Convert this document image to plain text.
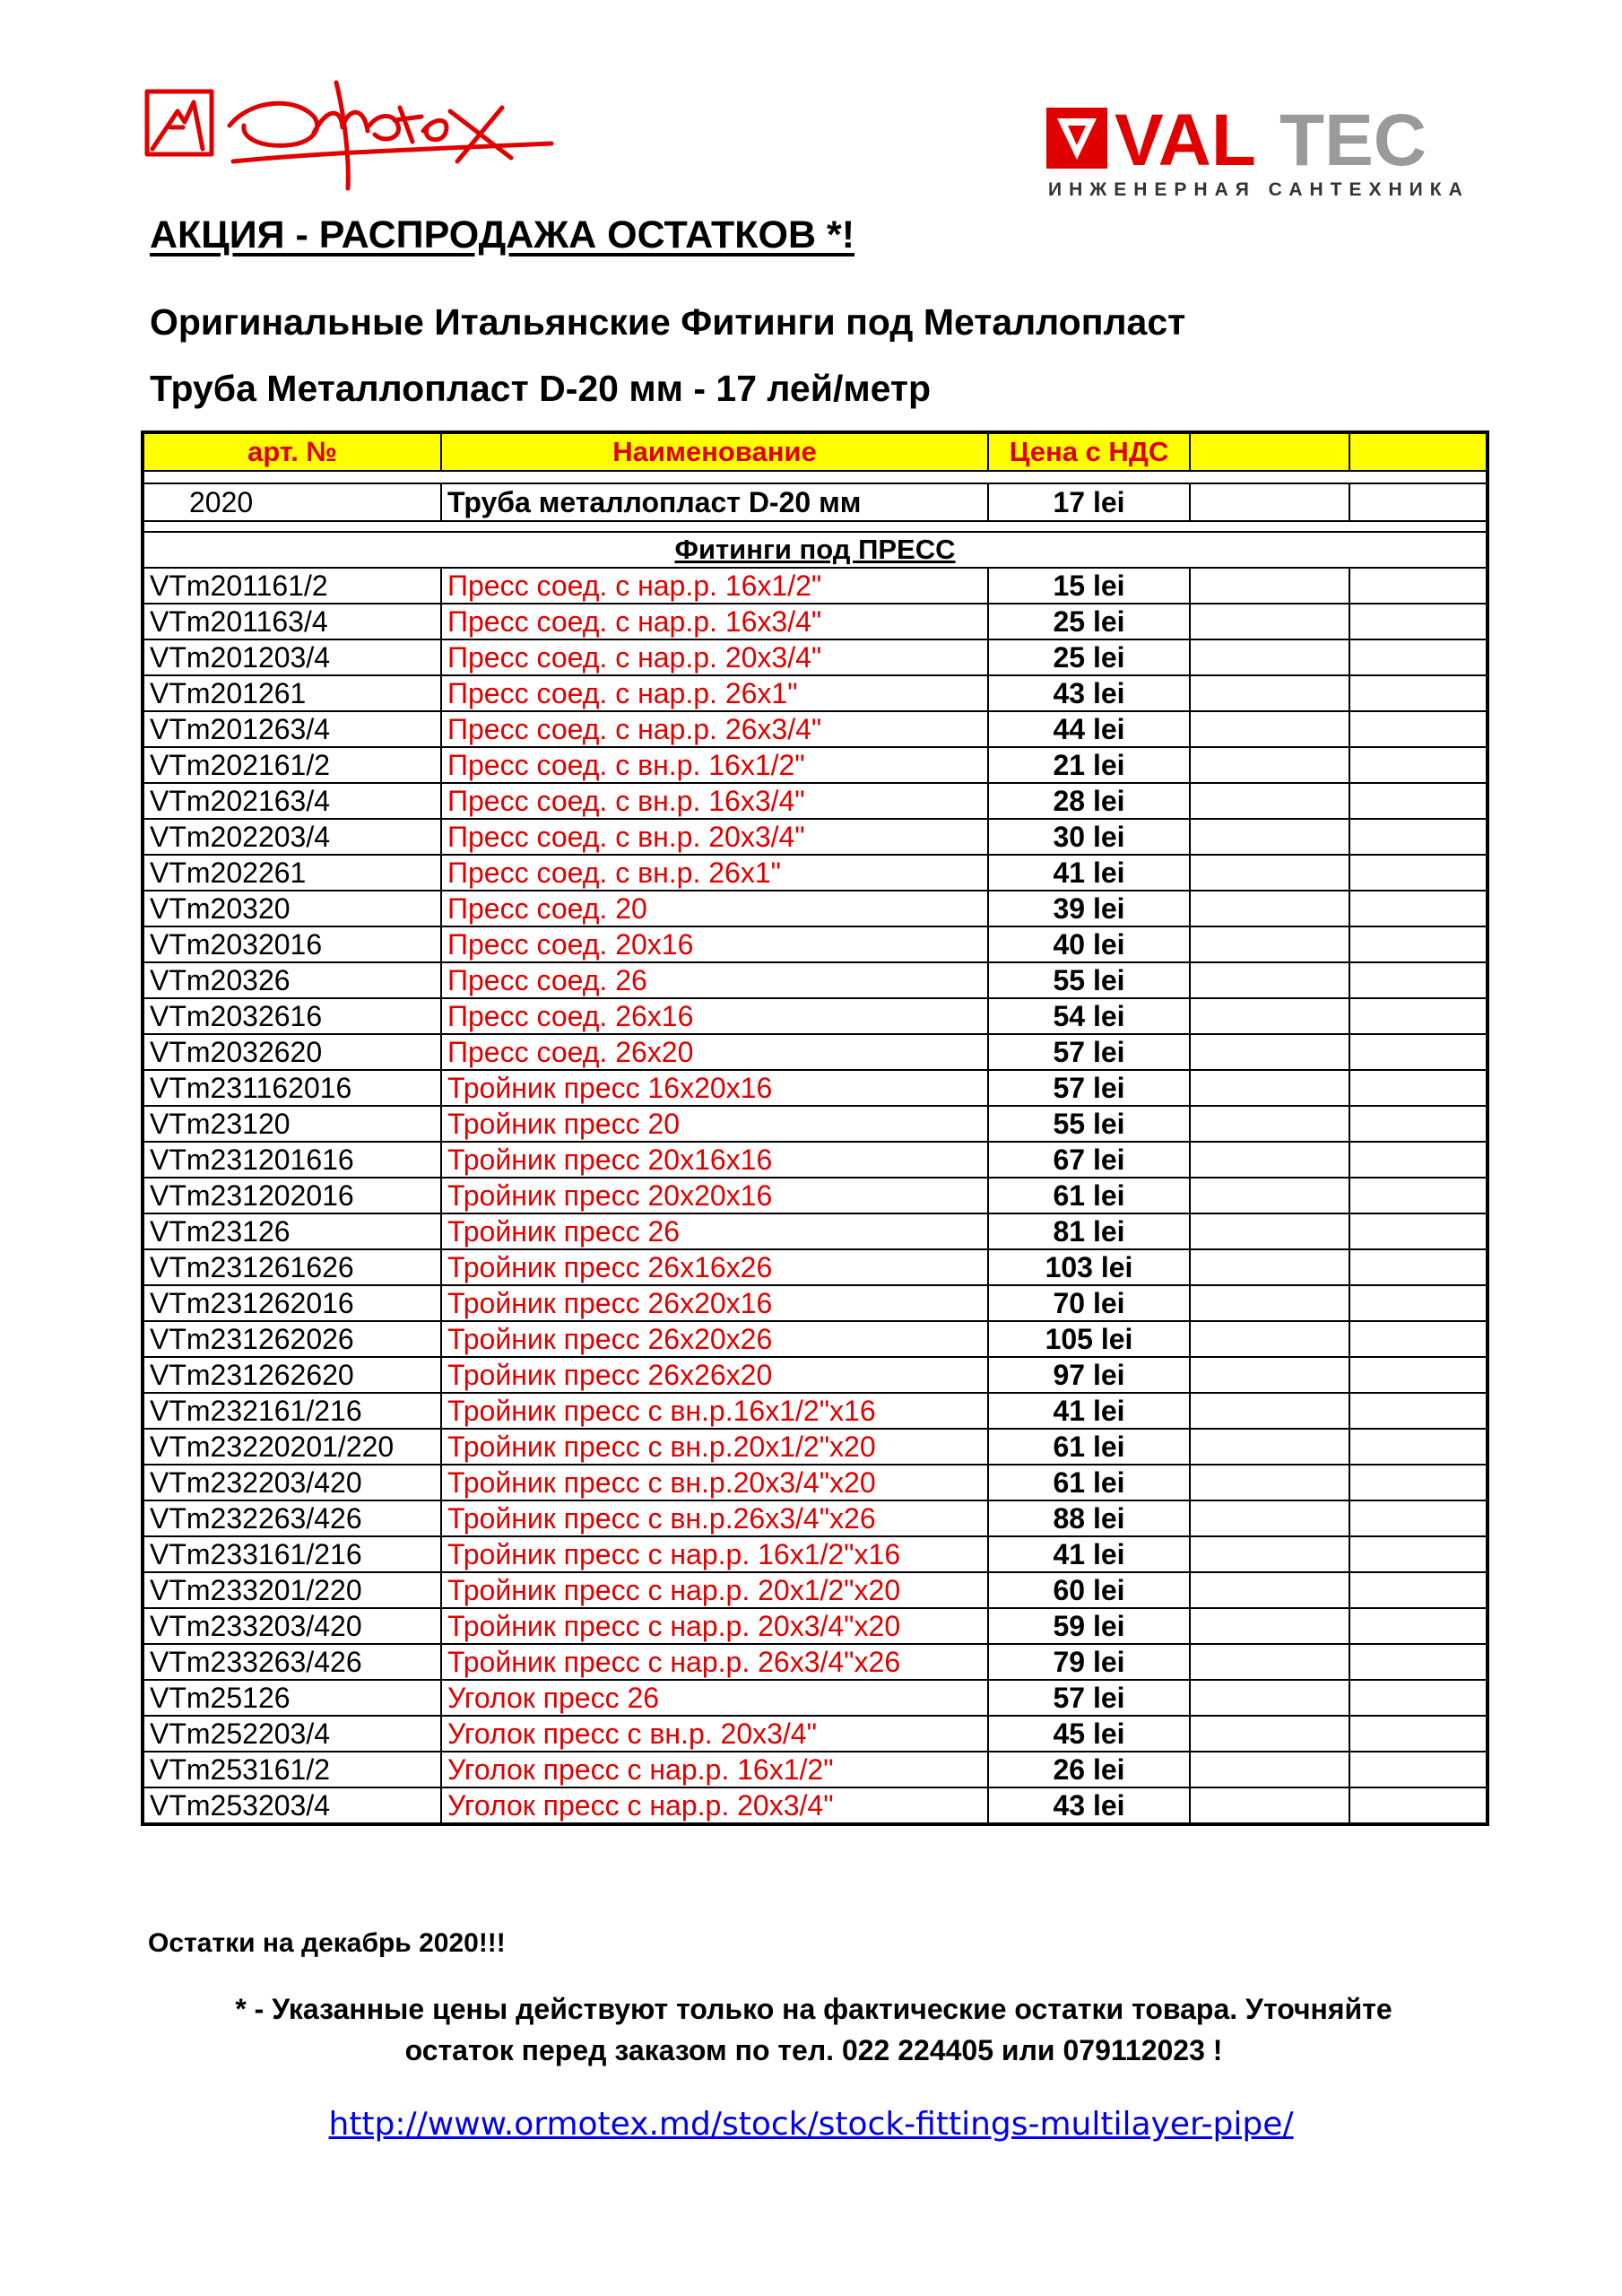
VAL TEC
ИНЖЕНЕРНАЯ САНТЕХНИКА
АКЦИЯ - РАСПРОДАЖА ОСТАТКОВ *!
Оригинальные Итальянские Фитинги под Металлопласт
Труба Металлопласт D-20 мм - 17 лей/метр
арт. №	Наименование	Цена с НДС		

2020	Труба металлопласт D-20 мм	17 lei		

Фитинги под ПРЕСС				
VTm201161/2	Пресс соед. с нар.р. 16х1/2"	15 lei		
VTm201163/4	Пресс соед. с нар.р. 16х3/4"	25 lei		
VTm201203/4	Пресс соед. с нар.р. 20х3/4"	25 lei		
VTm201261	Пресс соед. с нар.р. 26х1"	43 lei		
VTm201263/4	Пресс соед. с нар.р. 26х3/4"	44 lei		
VTm202161/2	Пресс соед. с вн.р. 16х1/2"	21 lei		
VTm202163/4	Пресс соед. с вн.р. 16х3/4"	28 lei		
VTm202203/4	Пресс соед. с вн.р. 20х3/4"	30 lei		
VTm202261	Пресс соед. с вн.р. 26х1"	41 lei		
VTm20320	Пресс соед. 20	39 lei		
VTm2032016	Пресс соед. 20х16	40 lei		
VTm20326	Пресс соед. 26	55 lei		
VTm2032616	Пресс соед. 26х16	54 lei		
VTm2032620	Пресс соед. 26х20	57 lei		
VTm231162016	Тройник пресс 16х20х16	57 lei		
VTm23120	Тройник пресс 20	55 lei		
VTm231201616	Тройник пресс 20х16х16	67 lei		
VTm231202016	Тройник пресс 20х20х16	61 lei		
VTm23126	Тройник пресс 26	81 lei		
VTm231261626	Тройник пресс 26х16х26	103 lei		
VTm231262016	Тройник пресс 26х20х16	70 lei		
VTm231262026	Тройник пресс 26х20х26	105 lei		
VTm231262620	Тройник пресс 26х26х20	97 lei		
VTm232161/216	Тройник пресс с вн.р.16х1/2"х16	41 lei		
VTm23220201/220	Тройник пресс с вн.р.20х1/2"х20	61 lei		
VTm232203/420	Тройник пресс с вн.р.20х3/4"х20	61 lei		
VTm232263/426	Тройник пресс с вн.р.26х3/4"х26	88 lei		
VTm233161/216	Тройник пресс с нар.р. 16х1/2"х16	41 lei		
VTm233201/220	Тройник пресс с нар.р. 20х1/2"х20	60 lei		
VTm233203/420	Тройник пресс с нар.р. 20х3/4"х20	59 lei		
VTm233263/426	Тройник пресс с нар.р. 26х3/4"х26	79 lei		
VTm25126	Уголок пресс 26	57 lei		
VTm252203/4	Уголок пресс с вн.р. 20х3/4"	45 lei		
VTm253161/2	Уголок пресс с нар.р. 16х1/2"	26 lei		
VTm253203/4	Уголок пресс с нар.р. 20х3/4"	43 lei		
Остатки на декабрь 2020!!!
* - Указанные цены действуют только на фактические остатки товара. Уточняйте
остаток перед заказом по тел. 022 224405 или 079112023 !
http://www.ormotex.md/stock/stock-fittings-multilayer-pipe/
